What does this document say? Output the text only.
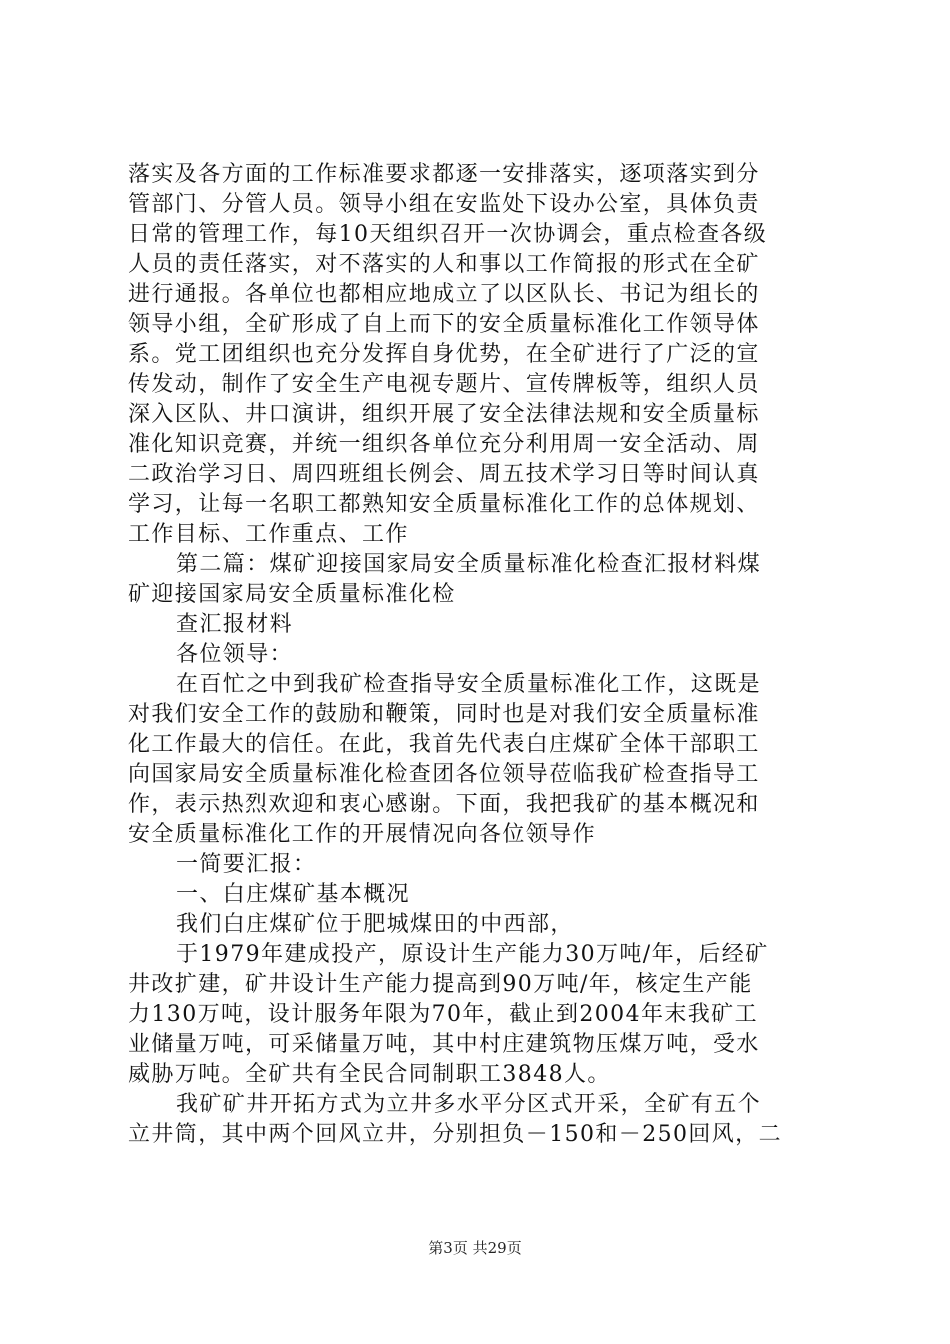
落实及各方面的工作标准要求都逐一安排落实，逐项落实到分
管部门、分管人员。领导小组在安监处下设办公室，具体负责
日常的管理工作，每10天组织召开一次协调会，重点检查各级
人员的责任落实，对不落实的人和事以工作简报的形式在全矿
进行通报。各单位也都相应地成立了以区队长、书记为组长的
领导小组，全矿形成了自上而下的安全质量标准化工作领导体
系。党工团组织也充分发挥自身优势，在全矿进行了广泛的宣
传发动，制作了安全生产电视专题片、宣传牌板等，组织人员
深入区队、井口演讲，组织开展了安全法律法规和安全质量标
准化知识竞赛，并统一组织各单位充分利用周一安全活动、周
二政治学习日、周四班组长例会、周五技术学习日等时间认真
学习，让每一名职工都熟知安全质量标准化工作的总体规划、
工作目标、工作重点、工作
第二篇：煤矿迎接国家局安全质量标准化检查汇报材料煤
矿迎接国家局安全质量标准化检
查汇报材料
各位领导：
在百忙之中到我矿检查指导安全质量标准化工作，这既是
对我们安全工作的鼓励和鞭策，同时也是对我们安全质量标准
化工作最大的信任。在此，我首先代表白庄煤矿全体干部职工
向国家局安全质量标准化检查团各位领导莅临我矿检查指导工
作，表示热烈欢迎和衷心感谢。下面，我把我矿的基本概况和
安全质量标准化工作的开展情况向各位领导作
一简要汇报：
一、白庄煤矿基本概况
我们白庄煤矿位于肥城煤田的中西部，
于1979年建成投产，原设计生产能力30万吨/年，后经矿
井改扩建，矿井设计生产能力提高到90万吨/年，核定生产能
力130万吨，设计服务年限为70年，截止到2004年末我矿工
业储量万吨，可采储量万吨，其中村庄建筑物压煤万吨，受水
威胁万吨。全矿共有全民合同制职工3848人。
我矿矿井开拓方式为立井多水平分区式开采，全矿有五个
立井筒，其中两个回风立井，分别担负－150和－250回风，二
第3页 共29页
